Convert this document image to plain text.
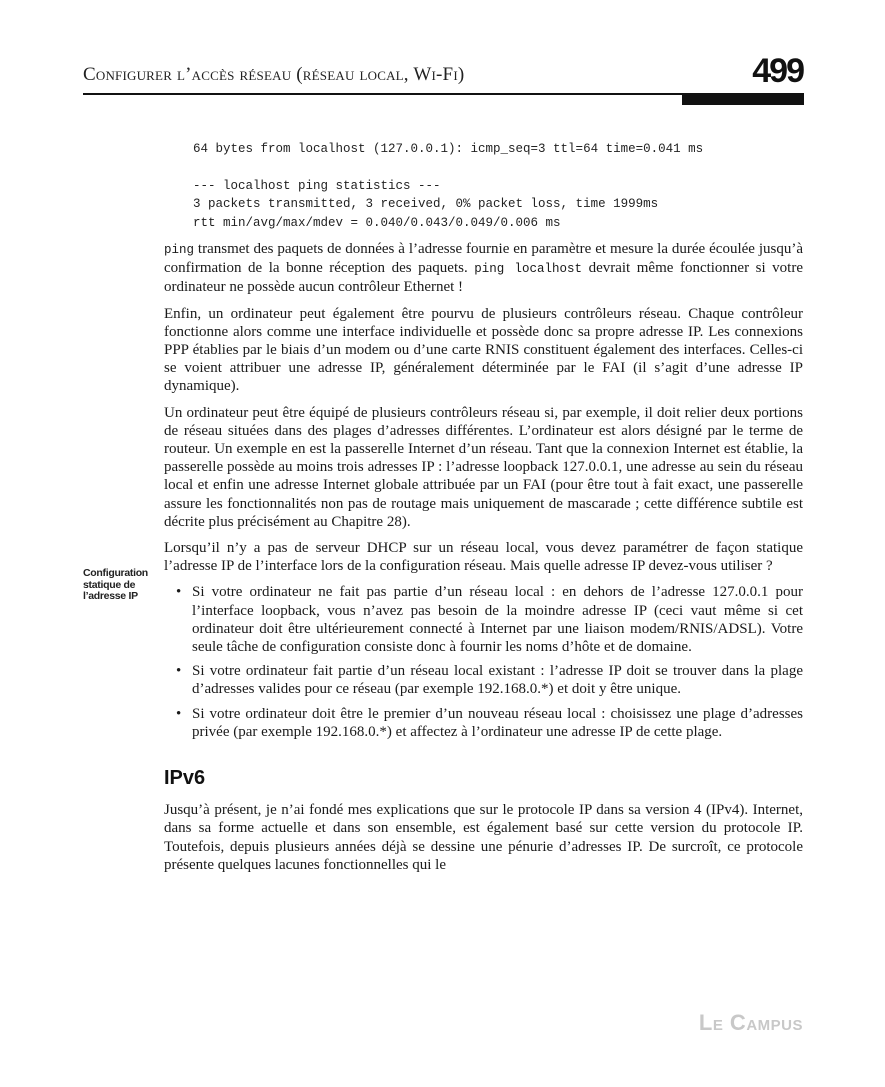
Configurer l’accès réseau (réseau local, Wi-Fi)	499
64 bytes from localhost (127.0.0.1): icmp_seq=3 ttl=64 time=0.041 ms
--- localhost ping statistics ---
3 packets transmitted, 3 received, 0% packet loss, time 1999ms
rtt min/avg/max/mdev = 0.040/0.043/0.049/0.006 ms
Configuration statique de l’adresse IP

ping transmet des paquets de données à l’adresse fournie en paramètre et mesure la durée écoulée jusqu’à confirmation de la bonne réception des paquets. ping localhost devrait même fonctionner si votre ordinateur ne possède aucun contrôleur Ethernet !

Enfin, un ordinateur peut également être pourvu de plusieurs contrôleurs réseau. Chaque contrôleur fonctionne alors comme une interface individuelle et possède donc sa propre adresse IP. Les connexions PPP établies par le biais d’un modem ou d’une carte RNIS constituent également des interfaces. Celles-ci se voient attribuer une adresse IP, généralement déterminée par le FAI (il s’agit d’une adresse IP dynamique).

Un ordinateur peut être équipé de plusieurs contrôleurs réseau si, par exemple, il doit relier deux portions de réseau situées dans des plages d’adresses différentes. L’ordinateur est alors désigné par le terme de routeur. Un exemple en est la passerelle Internet d’un réseau. Tant que la connexion Internet est établie, la passerelle possède au moins trois adresses IP : l’adresse loopback 127.0.0.1, une adresse au sein du réseau local et enfin une adresse Internet globale attribuée par un FAI (pour être tout à fait exact, une passerelle assure les fonctionnalités non pas de routage mais uniquement de mascarade ; cette différence subtile est décrite plus précisément au Chapitre 28).

Lorsqu’il n’y a pas de serveur DHCP sur un réseau local, vous devez paramétrer de façon statique l’adresse IP de l’interface lors de la configuration réseau. Mais quelle adresse IP devez-vous utiliser ?

• Si votre ordinateur ne fait pas partie d’un réseau local : en dehors de l’adresse 127.0.0.1 pour l’interface loopback, vous n’avez pas besoin de la moindre adresse IP (ceci vaut même si cet ordinateur doit être ultérieurement connecté à Internet par une liaison modem/RNIS/ADSL). Votre seule tâche de configuration consiste donc à fournir les noms d’hôte et de domaine.
• Si votre ordinateur fait partie d’un réseau local existant : l’adresse IP doit se trouver dans la plage d’adresses valides pour ce réseau (par exemple 192.168.0.*) et doit y être unique.
• Si votre ordinateur doit être le premier d’un nouveau réseau local : choisissez une plage d’adresses privée (par exemple 192.168.0.*) et affectez à l’ordinateur une adresse IP de cette plage.
IPv6

Jusqu’à présent, je n’ai fondé mes explications que sur le protocole IP dans sa version 4 (IPv4). Internet, dans sa forme actuelle et dans son ensemble, est également basé sur cette version du protocole IP. Toutefois, depuis plusieurs années déjà se dessine une pénurie d’adresses IP. De surcroît, ce protocole présente quelques lacunes fonctionnelles qui le

Le Campus
